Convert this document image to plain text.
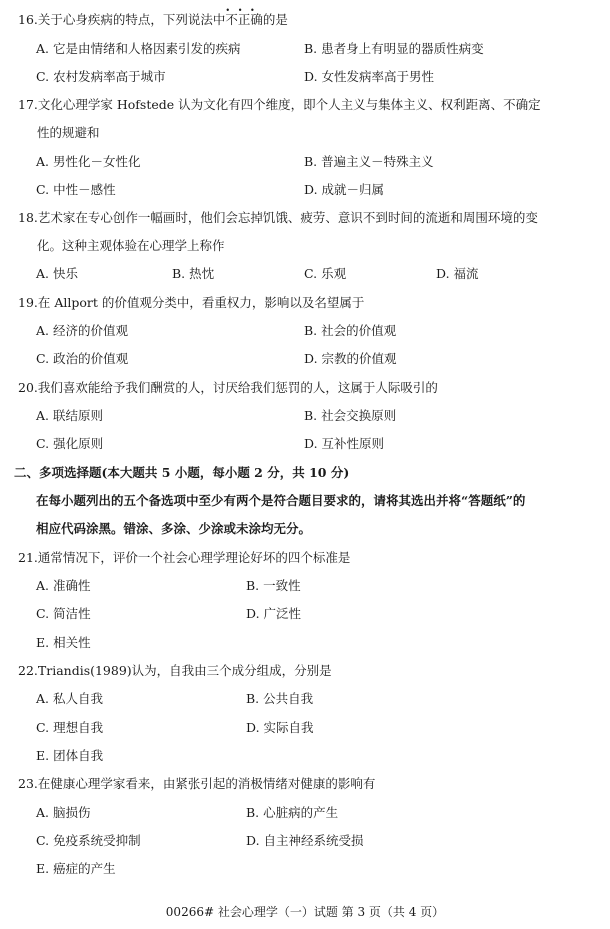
16.关于心身疾病的特点，下列说法中• • • 不正确的是
A. 它是由情绪和人格因素引发的疾病	B. 患者身上有明显的器质性病变
C. 农村发病率高于城市	D. 女性发病率高于男性
17.文化心理学家 Hofstede 认为文化有四个维度，即个人主义与集体主义、权利距离、不确定
性的规避和
A. 男性化－女性化	B. 普遍主义－特殊主义
C. 中性－感性	D. 成就－归属
18.艺术家在专心创作一幅画时，他们会忘掉饥饿、疲劳、意识不到时间的流逝和周围环境的变
化。这种主观体验在心理学上称作
A. 快乐	B. 热忱	C. 乐观	D. 福流
19.在 Allport 的价值观分类中，看重权力，影响以及名望属于
A. 经济的价值观	B. 社会的价值观
C. 政治的价值观	D. 宗教的价值观
20.我们喜欢能给予我们酬赏的人，讨厌给我们惩罚的人，这属于人际吸引的
A. 联结原则	B. 社会交换原则
C. 强化原则	D. 互补性原则
二、多项选择题(本大题共 5 小题，每小题 2 分，共 10 分)
在每小题列出的五个备选项中至少有两个是符合题目要求的，请将其选出并将“答题纸”的
相应代码涂黑。错涂、多涂、少涂或未涂均无分。
21.通常情况下，评价一个社会心理学理论好坏的四个标准是
A. 准确性	B. 一致性
C. 简洁性	D. 广泛性
E. 相关性
22.Triandis(1989)认为，自我由三个成分组成，分别是
A. 私人自我	B. 公共自我
C. 理想自我	D. 实际自我
E. 团体自我
23.在健康心理学家看来，由紧张引起的消极情绪对健康的影响有
A. 脑损伤	B. 心脏病的产生
C. 免疫系统受抑制	D. 自主神经系统受损
E. 癌症的产生
00266# 社会心理学（一）试题 第 3 页（共 4 页）
